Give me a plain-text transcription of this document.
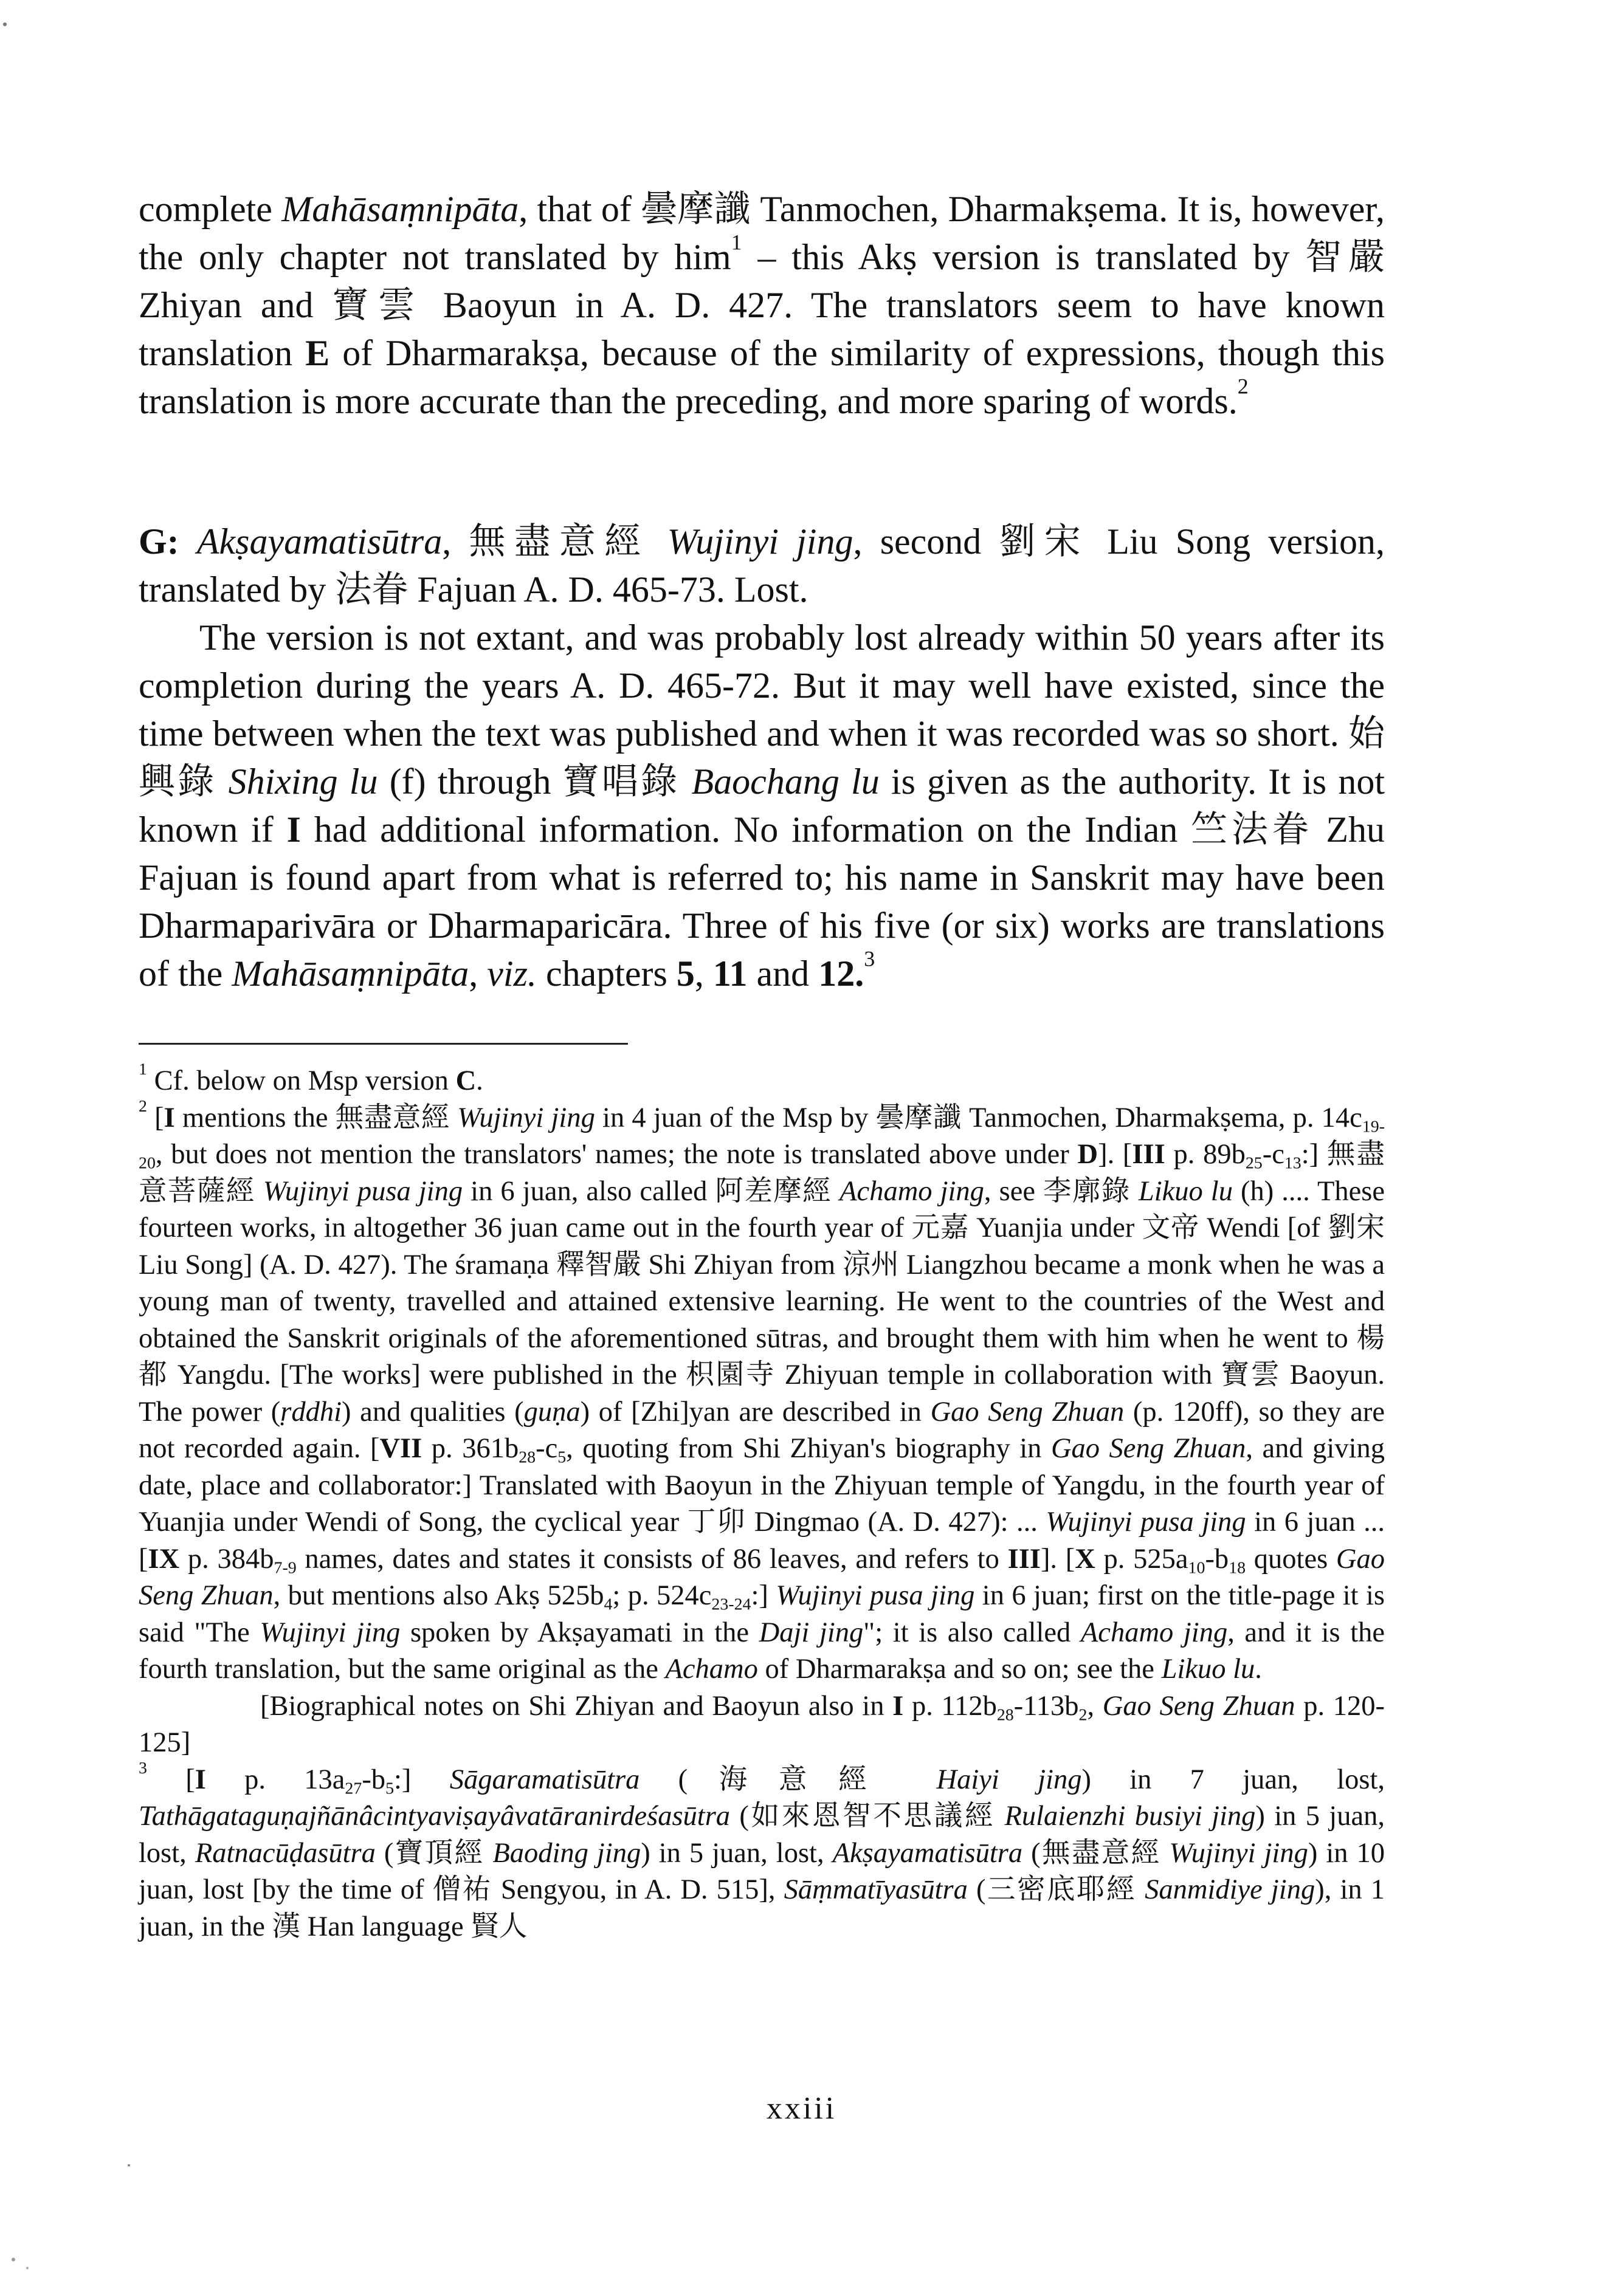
complete Mahāsaṃnipāta, that of 曇摩讖 Tanmochen, Dharmakṣema. It is, however, the only chapter not translated by him$^1$ – this Akṣ version is translated by 智嚴 Zhiyan and 寶雲 Baoyun in A. D. 427. The translators seem to have known translation E of Dharmarakṣa, because of the similarity of expressions, though this translation is more accurate than the preceding, and more sparing of words.$^2$

G: Akṣayamatisūtra, 無盡意經 Wujinyi jing, second 劉宋 Liu Song version, translated by 法眷 Fajuan A. D. 465-73. Lost.

The version is not extant, and was probably lost already within 50 years after its completion during the years A. D. 465-72. But it may well have existed, since the time between when the text was published and when it was recorded was so short. 始興錄 Shixing lu (f) through 寶唱錄 Baochang lu is given as the authority. It is not known if I had additional information. No information on the Indian 竺法眷 Zhu Fajuan is found apart from what is referred to; his name in Sanskrit may have been Dharmaparivāra or Dharmaparicāra. Three of his five (or six) works are translations of the Mahāsaṃnipāta, viz. chapters 5, 11 and 12.$^3$

$^1$ Cf. below on Msp version C.

$^2$ [I mentions the 無盡意經 Wujinyi jing in 4 juan of the Msp by 曇摩讖 Tanmochen, Dharmakṣema, p. $14c_{19-20}$, but does not mention the translators' names; the note is translated above under D]. [III p. $89b_{25}-c_{13}$:] 無盡意菩薩經 Wujinyi pusa jing in 6 juan, also called 阿差摩經 Achamo jing, see 李廓錄 Likuo lu (h) .... These fourteen works, in altogether 36 juan came out in the fourth year of 元嘉 Yuanjia under 文帝 Wendi [of 劉宋 Liu Song] (A. D. 427). The śramaṇa 釋智嚴 Shi Zhiyan from 涼州 Liangzhou became a monk when he was a young man of twenty, travelled and attained extensive learning. He went to the countries of the West and obtained the Sanskrit originals of the aforementioned sūtras, and brought them with him when he went to 楊都 Yangdu. [The works] were published in the 枳園寺 Zhiyuan temple in collaboration with 寶雲 Baoyun. The power (ṛddhi) and qualities (guṇa) of [Zhi]yan are described in Gao Seng Zhuan (p. 120ff), so they are not recorded again. [VII p. $361b_{28}-c_5$, quoting from Shi Zhiyan's biography in Gao Seng Zhuan, and giving date, place and collaborator:] Translated with Baoyun in the Zhiyuan temple of Yangdu, in the fourth year of Yuanjia under Wendi of Song, the cyclical year 丁卯 Dingmao (A. D. 427): ... Wujinyi pusa jing in 6 juan ... [IX p. $384b_{7-9}$ names, dates and states it consists of 86 leaves, and refers to III]. [X p. $525a_{10}-b_{18}$ quotes Gao Seng Zhuan, but mentions also Akṣ $525b_4$; p. $524c_{23-24}$:] Wujinyi pusa jing in 6 juan; first on the title-page it is said "The Wujinyi jing spoken by Akṣayamati in the Daji jing"; it is also called Achamo jing, and it is the fourth translation, but the same original as the Achamo of Dharmarakṣa and so on; see the Likuo lu.

[Biographical notes on Shi Zhiyan and Baoyun also in I p. $112b_{28}-113b_2$, Gao Seng Zhuan p. 120-125]

$^3$ [I p. $13a_{27}-b_5$:] Sāgaramatisūtra (海意經 Haiyi jing) in 7 juan, lost, Tathāgataguṇajñānâcintyaviṣayâvatāranirdeśasūtra (如來恩智不思議經 Rulaienzhi busiyi jing) in 5 juan, lost, Ratnacūḍasūtra (寶頂經 Baoding jing) in 5 juan, lost, Akṣayamatisūtra (無盡意經 Wujinyi jing) in 10 juan, lost [by the time of 僧祐 Sengyou, in A. D. 515], Sāṃmatīyasūtra (三密底耶經 Sanmidiye jing), in 1 juan, in the 漢 Han language 賢人

xxiii
